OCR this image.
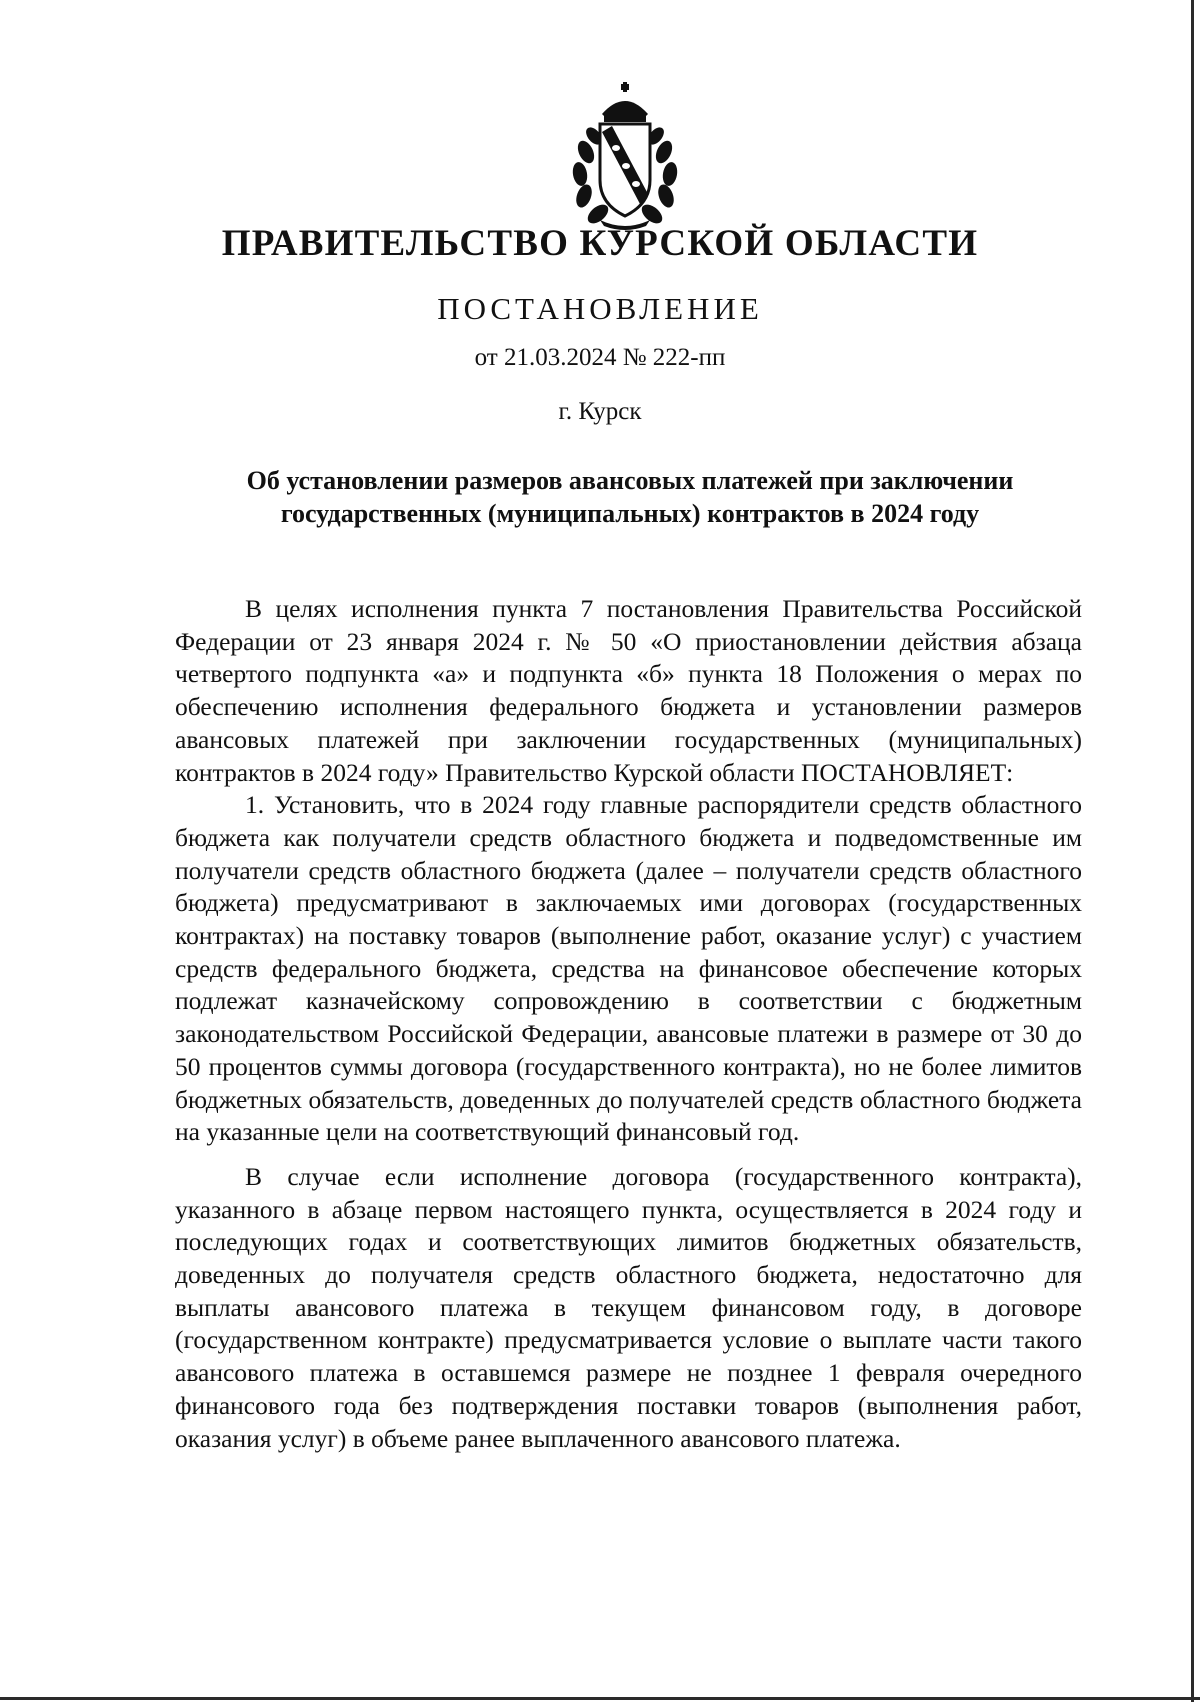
ПРАВИТЕЛЬСТВО КУРСКОЙ ОБЛАСТИ
ПОСТАНОВЛЕНИЕ
от 21.03.2024 № 222-пп
г. Курск
Об установлении размеров авансовых платежей при заключении
государственных (муниципальных) контрактов в 2024 году

В целях исполнения пункта 7 постановления Правительства Российской Федерации от 23 января 2024 г. № 50 «О приостановлении действия абзаца четвертого подпункта «а» и подпункта «б» пункта 18 Положения о мерах по обеспечению исполнения федерального бюджета и установлении размеров авансовых платежей при заключении государственных (муниципальных) контрактов в 2024 году» Правительство Курской области ПОСТАНОВЛЯЕТ:

1. Установить, что в 2024 году главные распорядители средств областного бюджета как получатели средств областного бюджета и подведомственные им получатели средств областного бюджета (далее – получатели средств областного бюджета) предусматривают в заключаемых ими договорах (государственных контрактах) на поставку товаров (выполнение работ, оказание услуг) с участием средств федерального бюджета, средства на финансовое обеспечение которых подлежат казначейскому сопровождению в соответствии с бюджетным законодательством Российской Федерации, авансовые платежи в размере от 30 до 50 процентов суммы договора (государственного контракта), но не более лимитов бюджетных обязательств, доведенных до получателей средств областного бюджета на указанные цели на соответствующий финансовый год.

В случае если исполнение договора (государственного контракта), указанного в абзаце первом настоящего пункта, осуществляется в 2024 году и последующих годах и соответствующих лимитов бюджетных обязательств, доведенных до получателя средств областного бюджета, недостаточно для выплаты авансового платежа в текущем финансовом году, в договоре (государственном контракте) предусматривается условие о выплате части такого авансового платежа в оставшемся размере не позднее 1 февраля очередного финансового года без подтверждения поставки товаров (выполнения работ, оказания услуг) в объеме ранее выплаченного авансового платежа.
